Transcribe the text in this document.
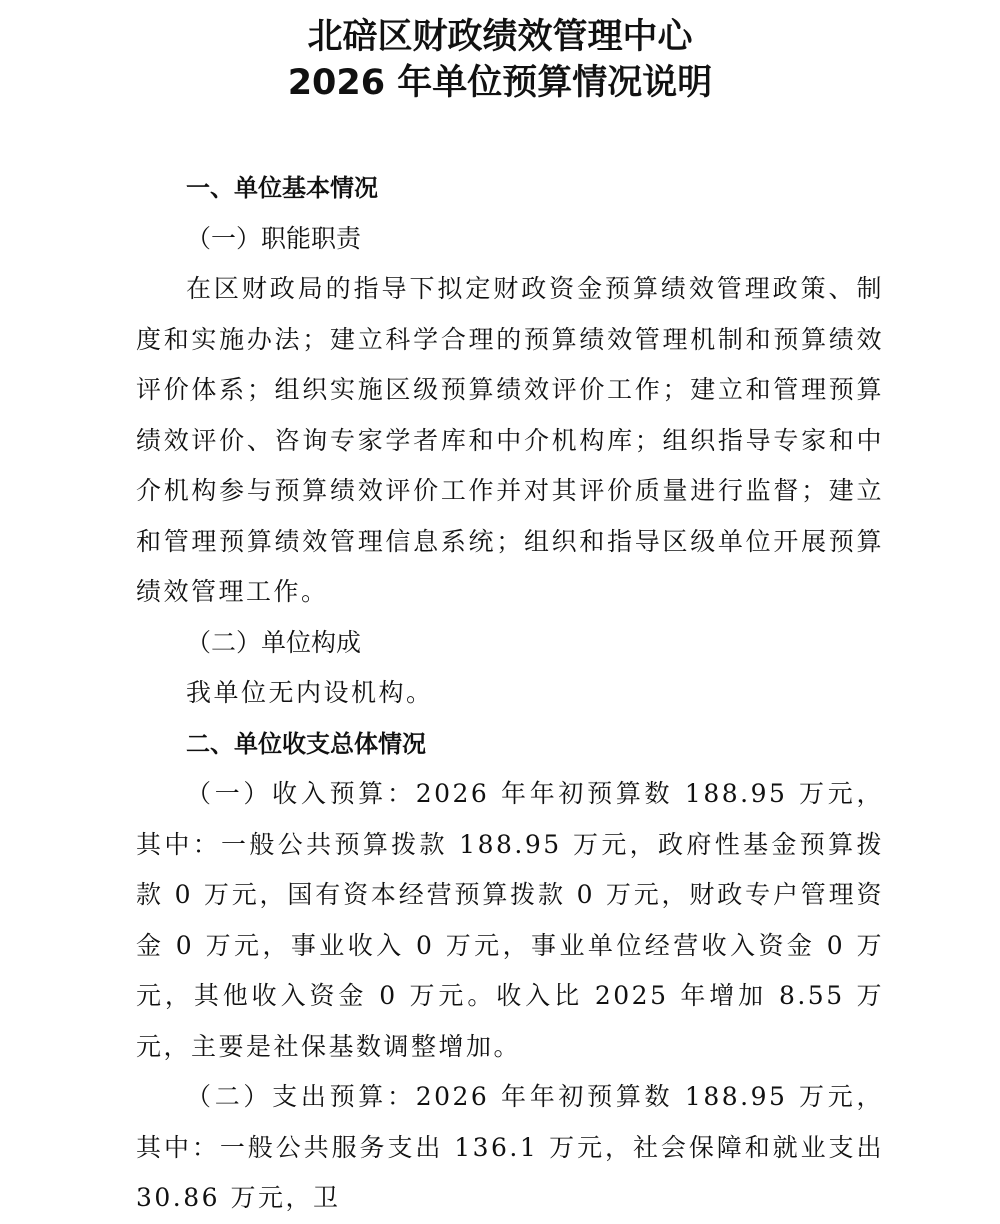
北碚区财政绩效管理中心
2026 年单位预算情况说明
一、单位基本情况
（一）职能职责

在区财政局的指导下拟定财政资金预算绩效管理政策、制度和实施办法；建立科学合理的预算绩效管理机制和预算绩效评价体系；组织实施区级预算绩效评价工作；建立和管理预算绩效评价、咨询专家学者库和中介机构库；组织指导专家和中介机构参与预算绩效评价工作并对其评价质量进行监督；建立和管理预算绩效管理信息系统；组织和指导区级单位开展预算绩效管理工作。

（二）单位构成

我单位无内设机构。

二、单位收支总体情况

（一）收入预算：2026 年年初预算数 188.95 万元，其中：一般公共预算拨款 188.95 万元，政府性基金预算拨款 0 万元，国有资本经营预算拨款 0 万元，财政专户管理资金 0 万元，事业收入 0 万元，事业单位经营收入资金 0 万元，其他收入资金 0 万元。收入比 2025 年增加 8.55 万元，主要是社保基数调整增加。

（二）支出预算：2026 年年初预算数 188.95 万元，其中：一般公共服务支出 136.1 万元，社会保障和就业支出 30.86 万元，卫
